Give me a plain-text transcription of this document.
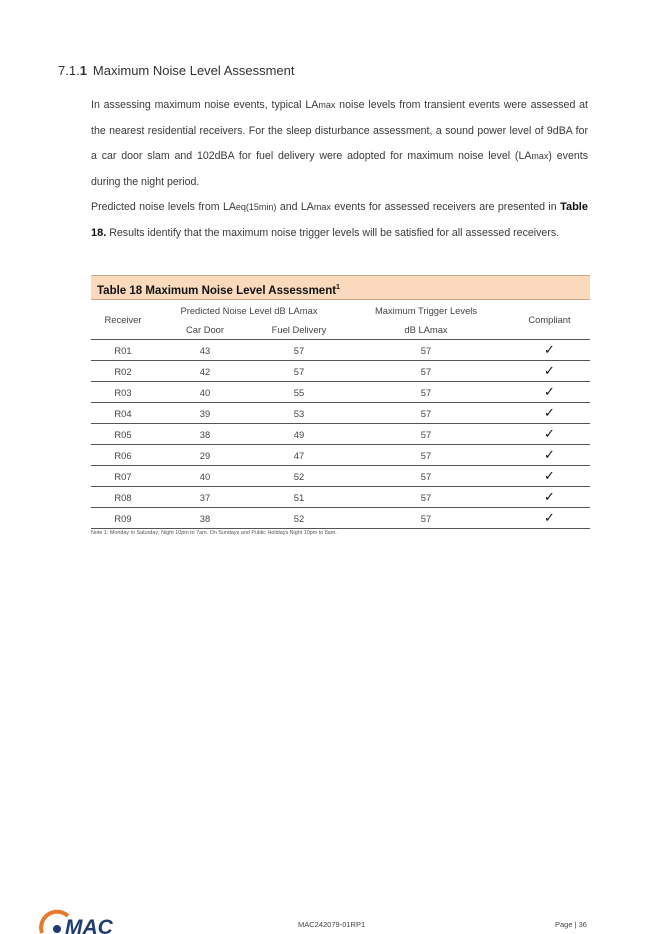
7.1.1 Maximum Noise Level Assessment

In assessing maximum noise events, typical LAmax noise levels from transient events were assessed at the nearest residential receivers. For the sleep disturbance assessment, a sound power level of 9dBA for a car door slam and 102dBA for fuel delivery were adopted for maximum noise level (LAmax) events during the night period.

Predicted noise levels from LAeq(15min) and LAmax events for assessed receivers are presented in Table 18. Results identify that the maximum noise trigger levels will be satisfied for all assessed receivers.

Table 18 Maximum Noise Level Assessment$^1$
Receiver	Predicted Noise Level dB LAmax		Maximum Trigger Levels	Compliant
	Car Door	Fuel Delivery	dB LAmax	
R01	43	57	57	✓
R02	42	57	57	✓
R03	40	55	57	✓
R04	39	53	57	✓
R05	38	49	57	✓
R06	29	47	57	✓
R07	40	52	57	✓
R08	37	51	57	✓
R09	38	52	57	✓
Note 1: Monday to Saturday; Night 10pm to 7am. On Sundays and Public Holidays Night 10pm to 8am.
MAC	MAC242079-01RP1	Page | 36
